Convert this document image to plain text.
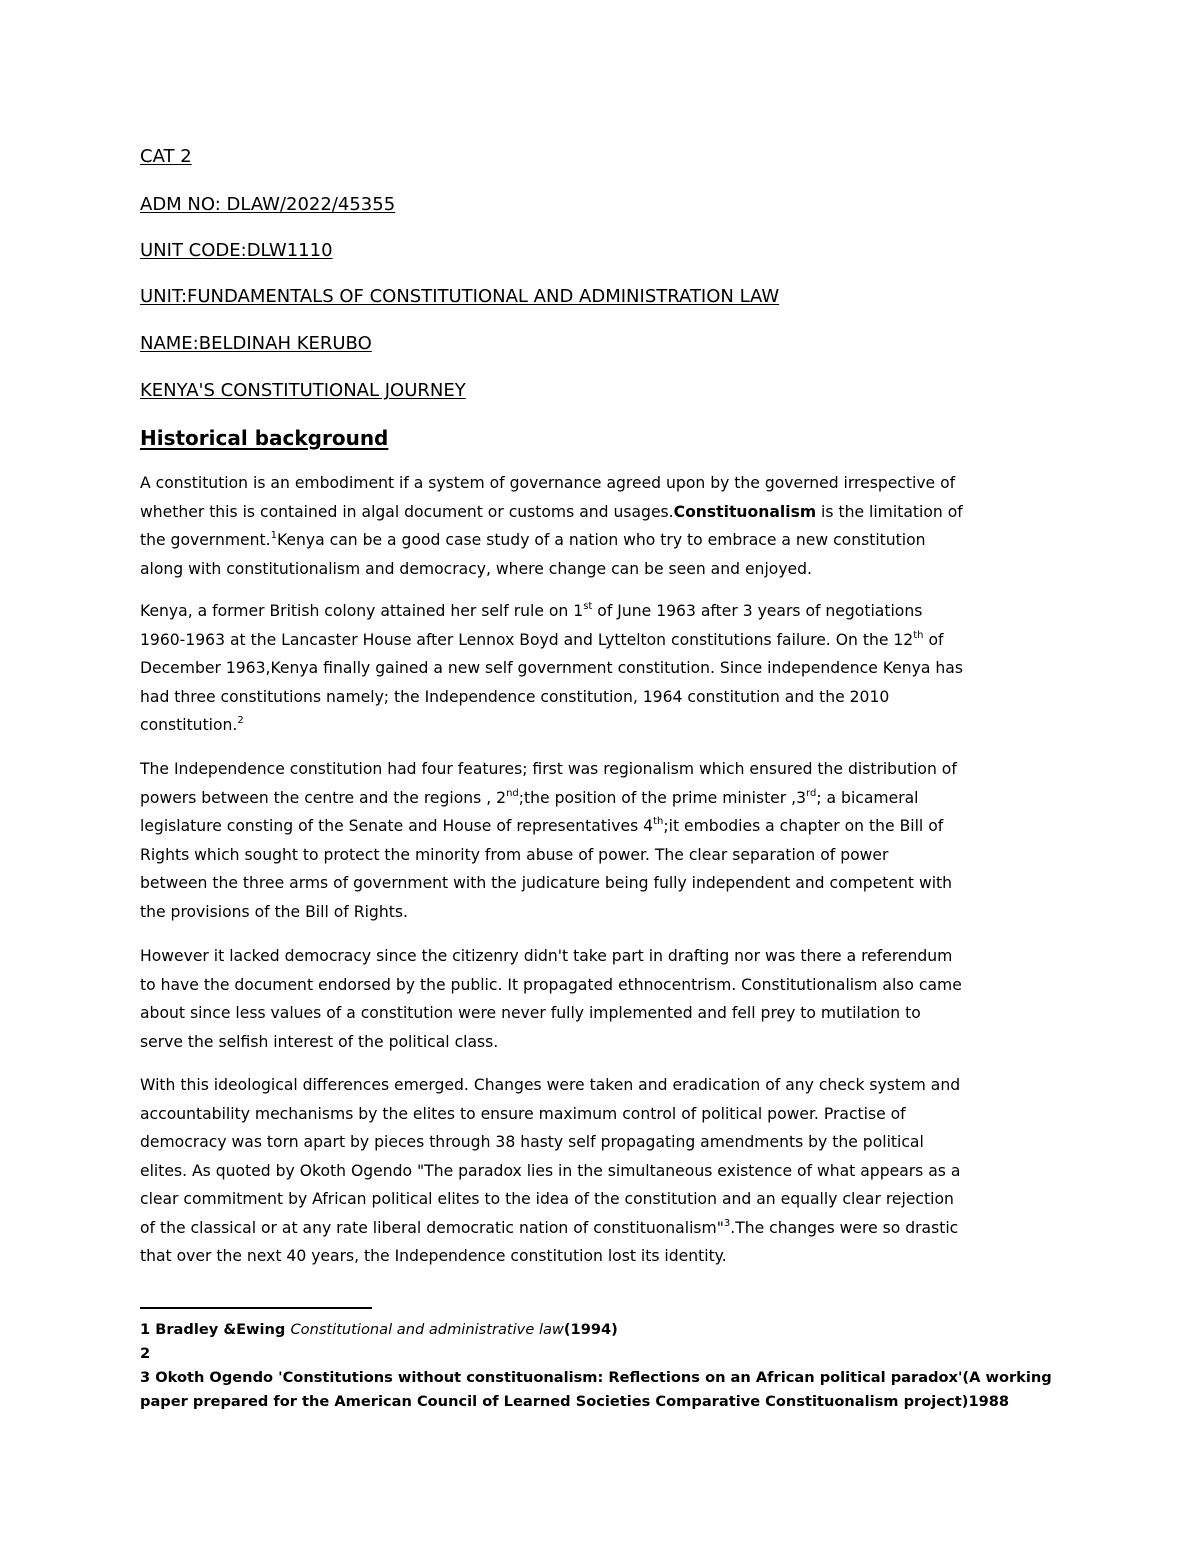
CAT 2

ADM NO: DLAW/2022/45355

UNIT CODE:DLW1110

UNIT:FUNDAMENTALS OF CONSTITUTIONAL AND ADMINISTRATION LAW

NAME:BELDINAH KERUBO

KENYA'S CONSTITUTIONAL JOURNEY

Historical background
A constitution is an embodiment if a system of governance agreed upon by the governed irrespective of
whether this is contained in algal document or customs and usages.Constituonalism is the limitation of
the government.$^1$Kenya can be a good case study of a nation who try to embrace a new constitution
along with constitutionalism and democracy, where change can be seen and enjoyed.
Kenya, a former British colony attained her self rule on 1st of June 1963 after 3 years of negotiations
1960-1963 at the Lancaster House after Lennox Boyd and Lyttelton constitutions failure. On the 12th of
December 1963,Kenya finally gained a new self government constitution. Since independence Kenya has
had three constitutions namely; the Independence constitution, 1964 constitution and the 2010
constitution.$^2$
The Independence constitution had four features; first was regionalism which ensured the distribution of
powers between the centre and the regions , 2nd;the position of the prime minister ,3rd; a bicameral
legislature consting of the Senate and House of representatives 4th;it embodies a chapter on the Bill of
Rights which sought to protect the minority from abuse of power. The clear separation of power
between the three arms of government with the judicature being fully independent and competent with
the provisions of the Bill of Rights.
However it lacked democracy since the citizenry didn't take part in drafting nor was there a referendum
to have the document endorsed by the public. It propagated ethnocentrism. Constitutionalism also came
about since less values of a constitution were never fully implemented and fell prey to mutilation to
serve the selfish interest of the political class.
With this ideological differences emerged. Changes were taken and eradication of any check system and
accountability mechanisms by the elites to ensure maximum control of political power. Practise of
democracy was torn apart by pieces through 38 hasty self propagating amendments by the political
elites. As quoted by Okoth Ogendo "The paradox lies in the simultaneous existence of what appears as a
clear commitment by African political elites to the idea of the constitution and an equally clear rejection
of the classical or at any rate liberal democratic nation of constituonalism"$^3$.The changes were so drastic
that over the next 40 years, the Independence constitution lost its identity.

1 Bradley &Ewing Constitutional and administrative law(1994)

2

3 Okoth Ogendo 'Constitutions without constituonalism: Reflections on an African political paradox'(A working

paper prepared for the American Council of Learned Societies Comparative Constituonalism project)1988
